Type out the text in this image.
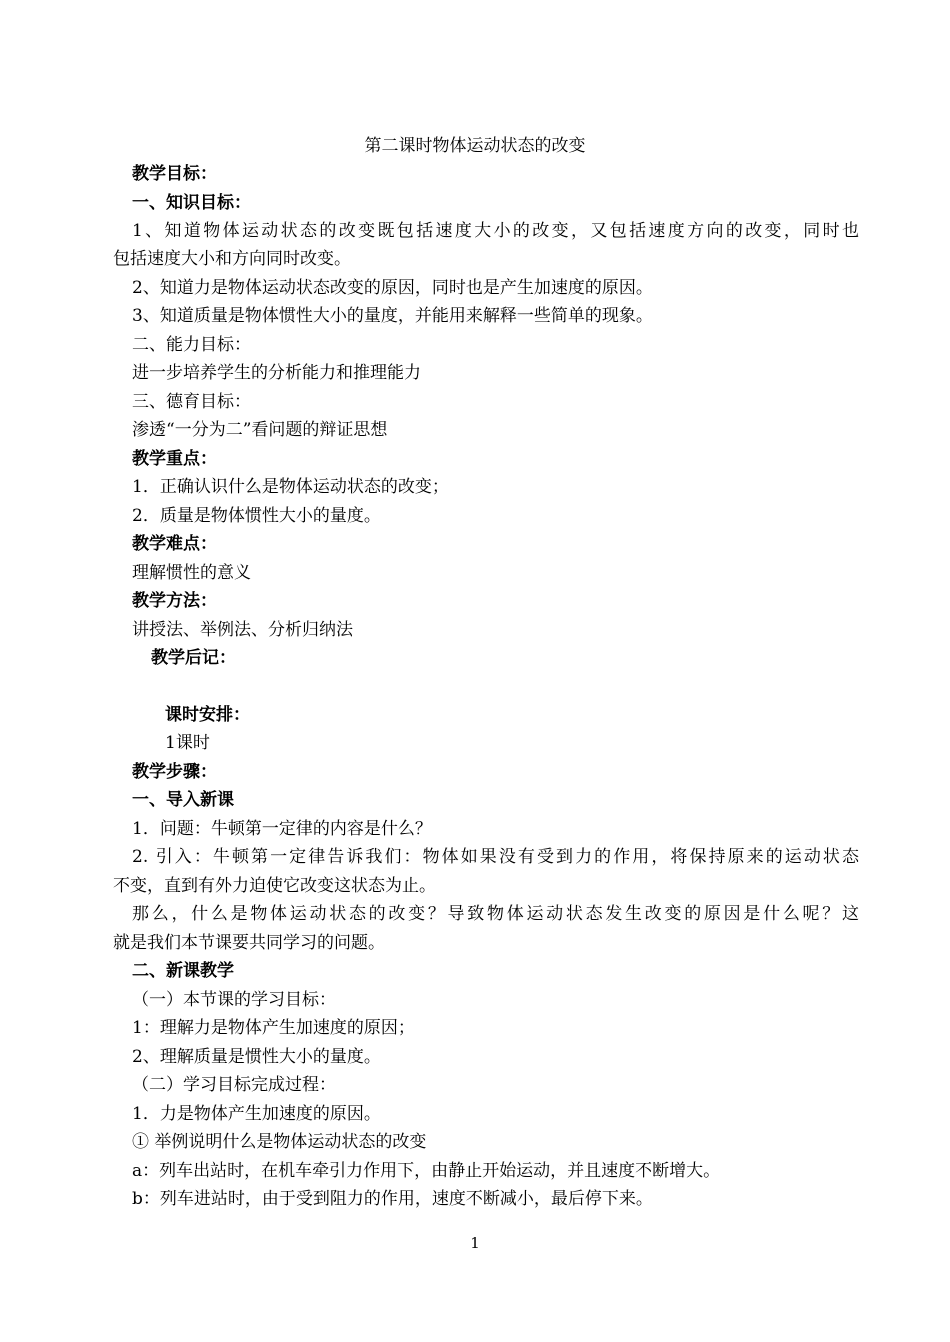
第二课时物体运动状态的改变
教学目标：
一、知识目标：
1、知道物体运动状态的改变既包括速度大小的改变，又包括速度方向的改变，同时也
包括速度大小和方向同时改变。
2、知道力是物体运动状态改变的原因，同时也是产生加速度的原因。
3、知道质量是物体惯性大小的量度，并能用来解释一些简单的现象。
二、能力目标：
进一步培养学生的分析能力和推理能力
三、德育目标：
渗透“一分为二”看问题的辩证思想
教学重点：
1．正确认识什么是物体运动状态的改变；
2．质量是物体惯性大小的量度。
教学难点：
理解惯性的意义
教学方法：
讲授法、举例法、分析归纳法
教学后记：
课时安排：
1课时
教学步骤：
一、导入新课
1．问题：牛顿第一定律的内容是什么？
2. 引入：牛顿第一定律告诉我们：物体如果没有受到力的作用，将保持原来的运动状态
不变，直到有外力迫使它改变这状态为止。
那么，什么是物体运动状态的改变？导致物体运动状态发生改变的原因是什么呢？这
就是我们本节课要共同学习的问题。
二、新课教学
（一）本节课的学习目标：
1：理解力是物体产生加速度的原因；
2、理解质量是惯性大小的量度。
（二）学习目标完成过程：
1．力是物体产生加速度的原因。
① 举例说明什么是物体运动状态的改变
a：列车出站时，在机车牵引力作用下，由静止开始运动，并且速度不断增大。
b：列车进站时，由于受到阻力的作用，速度不断减小，最后停下来。
1
